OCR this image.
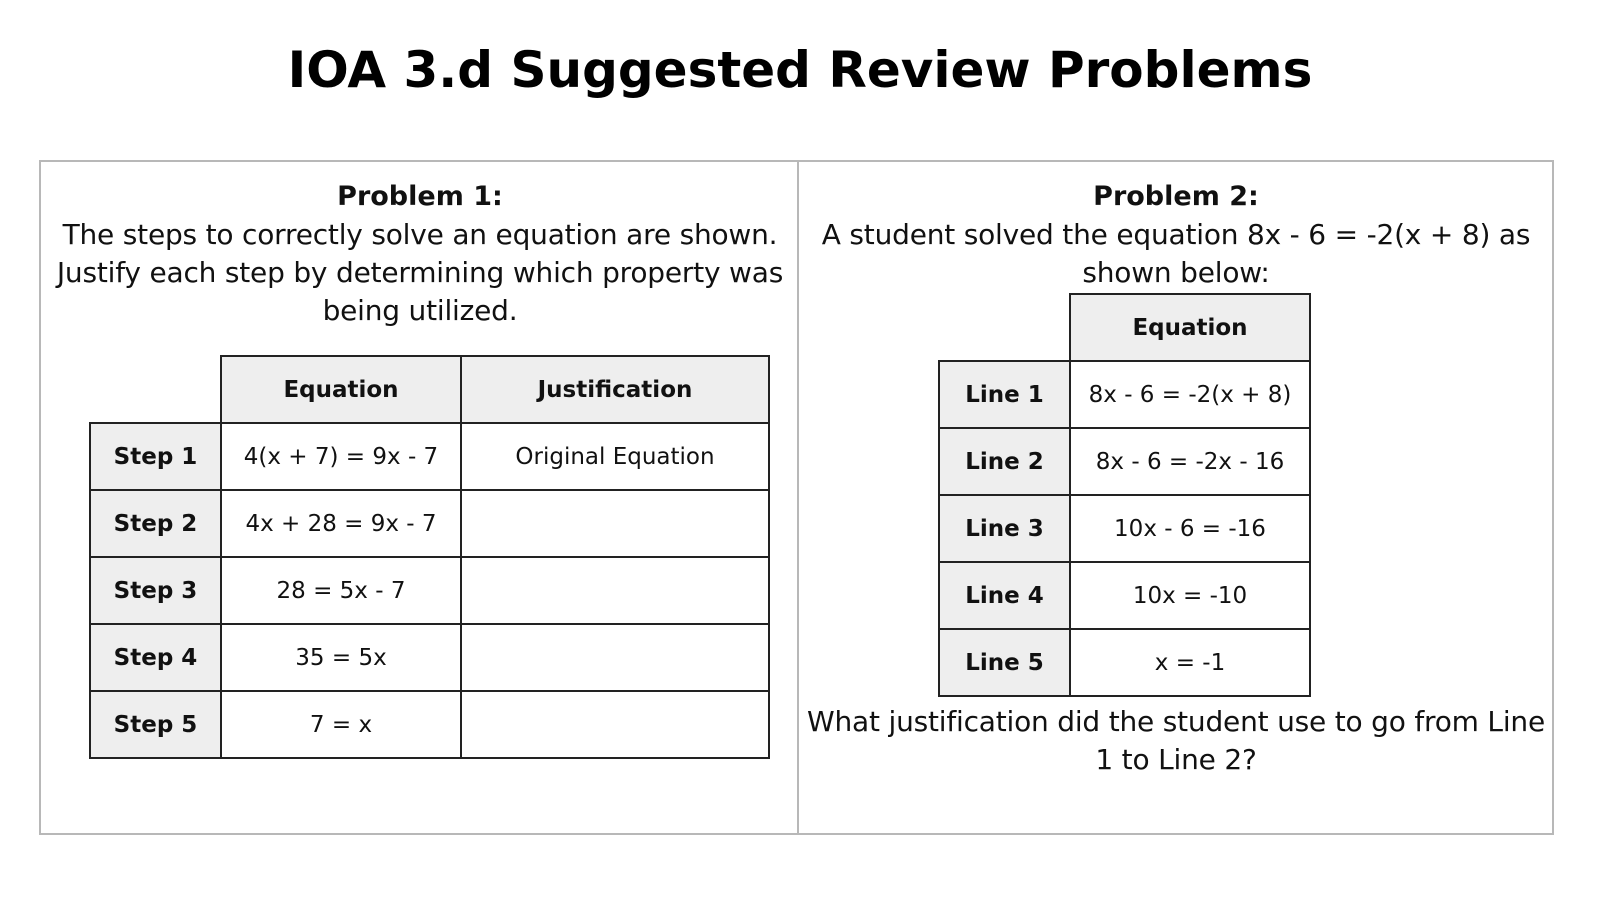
IOA 3.d Suggested Review Problems
Problem 1:
The steps to correctly solve an equation are shown. Justify each step by determining which property was being utilized.
	Equation	Justification
Step 1	4(x + 7) = 9x - 7	Original Equation
Step 2	4x + 28 = 9x - 7	
Step 3	28 = 5x - 7	
Step 4	35 = 5x	
Step 5	7 = x	
Problem 2:
A student solved the equation 8x - 6 = -2(x + 8) as shown below:
	Equation
Line 1	8x - 6 = -2(x + 8)
Line 2	8x - 6 = -2x - 16
Line 3	10x - 6 = -16
Line 4	10x = -10
Line 5	x = -1
What justification did the student use to go from Line 1 to Line 2?
